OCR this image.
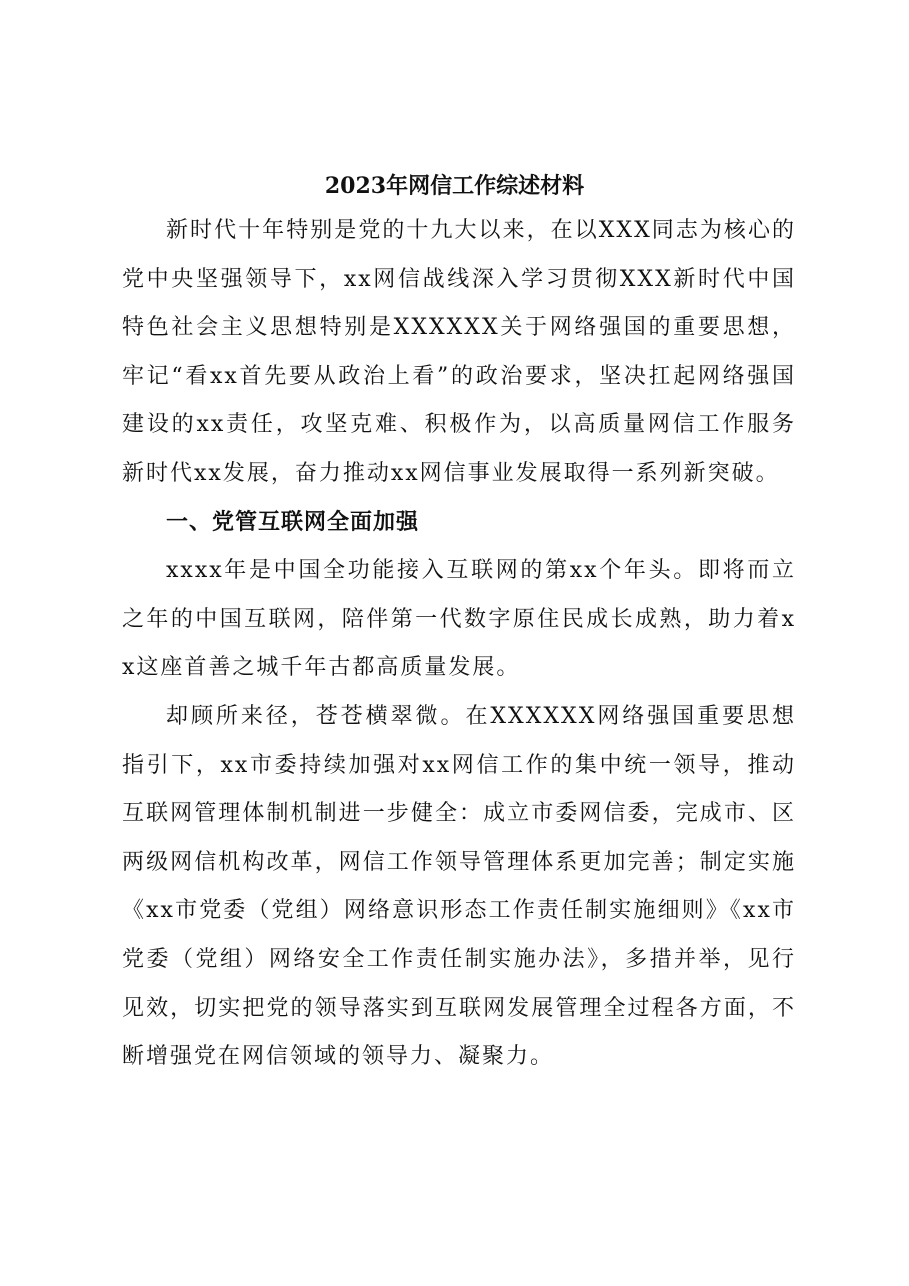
2023年网信工作综述材料

新时代十年特别是党的十九大以来，在以XXX同志为核心的党中央坚强领导下，xx网信战线深入学习贯彻XXX新时代中国特色社会主义思想特别是XXXXXX关于网络强国的重要思想，牢记“看xx首先要从政治上看”的政治要求，坚决扛起网络强国建设的xx责任，攻坚克难、积极作为，以高质量网信工作服务新时代xx发展，奋力推动xx网信事业发展取得一系列新突破。

一、党管互联网全面加强

xxxx年是中国全功能接入互联网的第xx个年头。即将而立之年的中国互联网，陪伴第一代数字原住民成长成熟，助力着xx这座首善之城千年古都高质量发展。

却顾所来径，苍苍横翠微。在XXXXXX网络强国重要思想指引下，xx市委持续加强对xx网信工作的集中统一领导，推动互联网管理体制机制进一步健全：成立市委网信委，完成市、区两级网信机构改革，网信工作领导管理体系更加完善；制定实施《xx市党委（党组）网络意识形态工作责任制实施细则》《xx市党委（党组）网络安全工作责任制实施办法》，多措并举，见行见效，切实把党的领导落实到互联网发展管理全过程各方面，不断增强党在网信领域的领导力、凝聚力。
